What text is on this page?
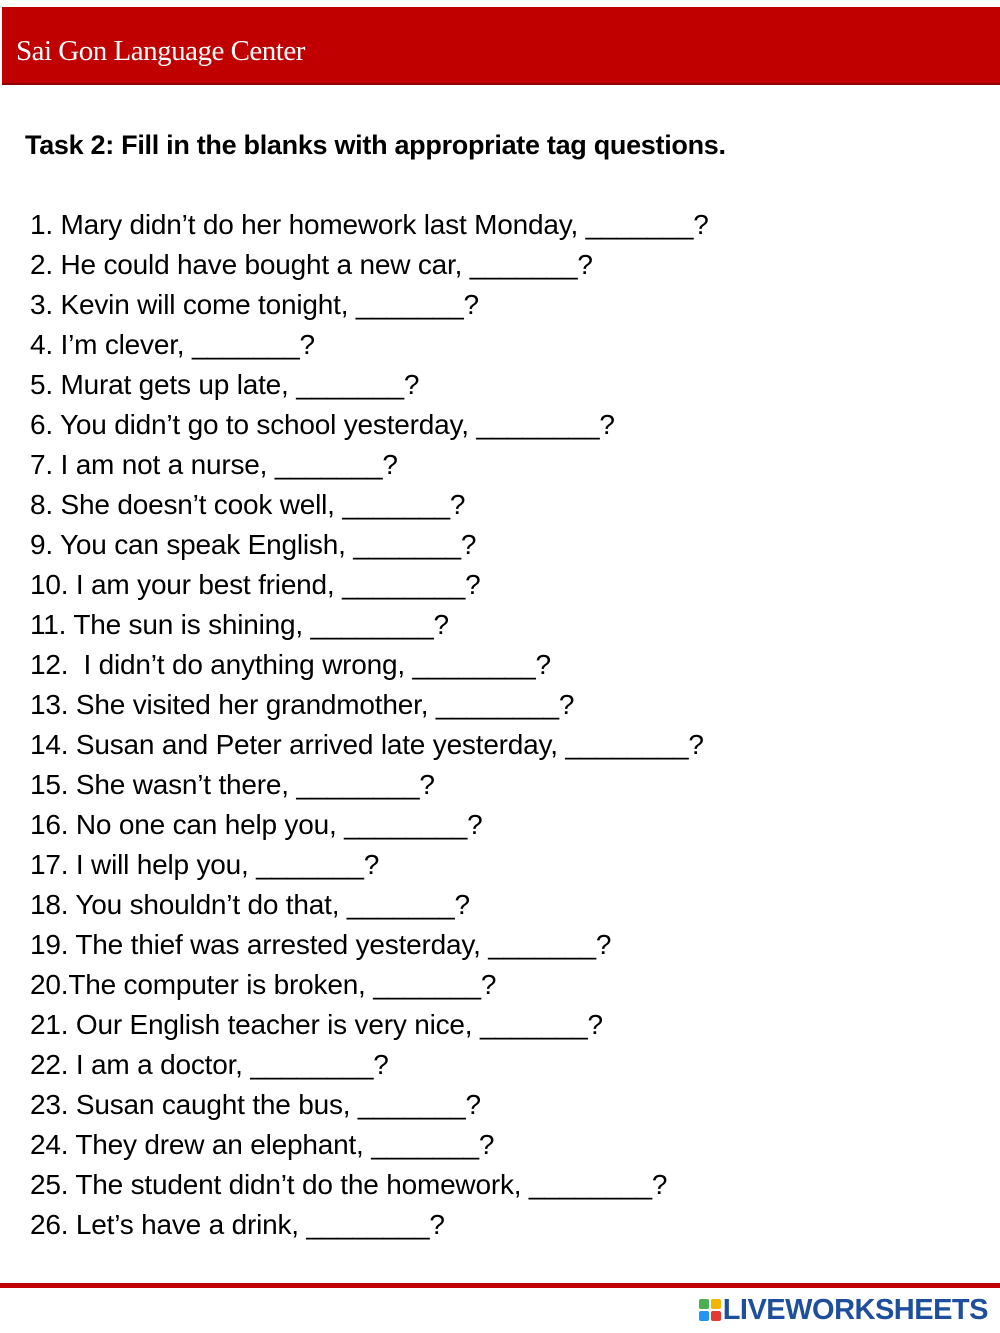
Sai Gon Language Center
Task 2: Fill in the blanks with appropriate tag questions.
1. Mary didn’t do her homework last Monday, _______?
2. He could have bought a new car, _______?
3. Kevin will come tonight, _______?
4. I’m clever, _______?
5. Murat gets up late, _______?
6. You didn’t go to school yesterday, ________?
7. I am not a nurse, _______?
8. She doesn’t cook well, _______?
9. You can speak English, _______?
10. I am your best friend, ________?
11. The sun is shining, ________?
12.  I didn’t do anything wrong, ________?
13. She visited her grandmother, ________?
14. Susan and Peter arrived late yesterday, ________?
15. She wasn’t there, ________?
16. No one can help you, ________?
17. I will help you, _______?
18. You shouldn’t do that, _______?
19. The thief was arrested yesterday, _______?
20.The computer is broken, _______?
21. Our English teacher is very nice, _______?
22. I am a doctor, ________?
23. Susan caught the bus, _______?
24. They drew an elephant, _______?
25. The student didn’t do the homework, ________?
26. Let’s have a drink, ________?
LIVEWORKSHEETS
